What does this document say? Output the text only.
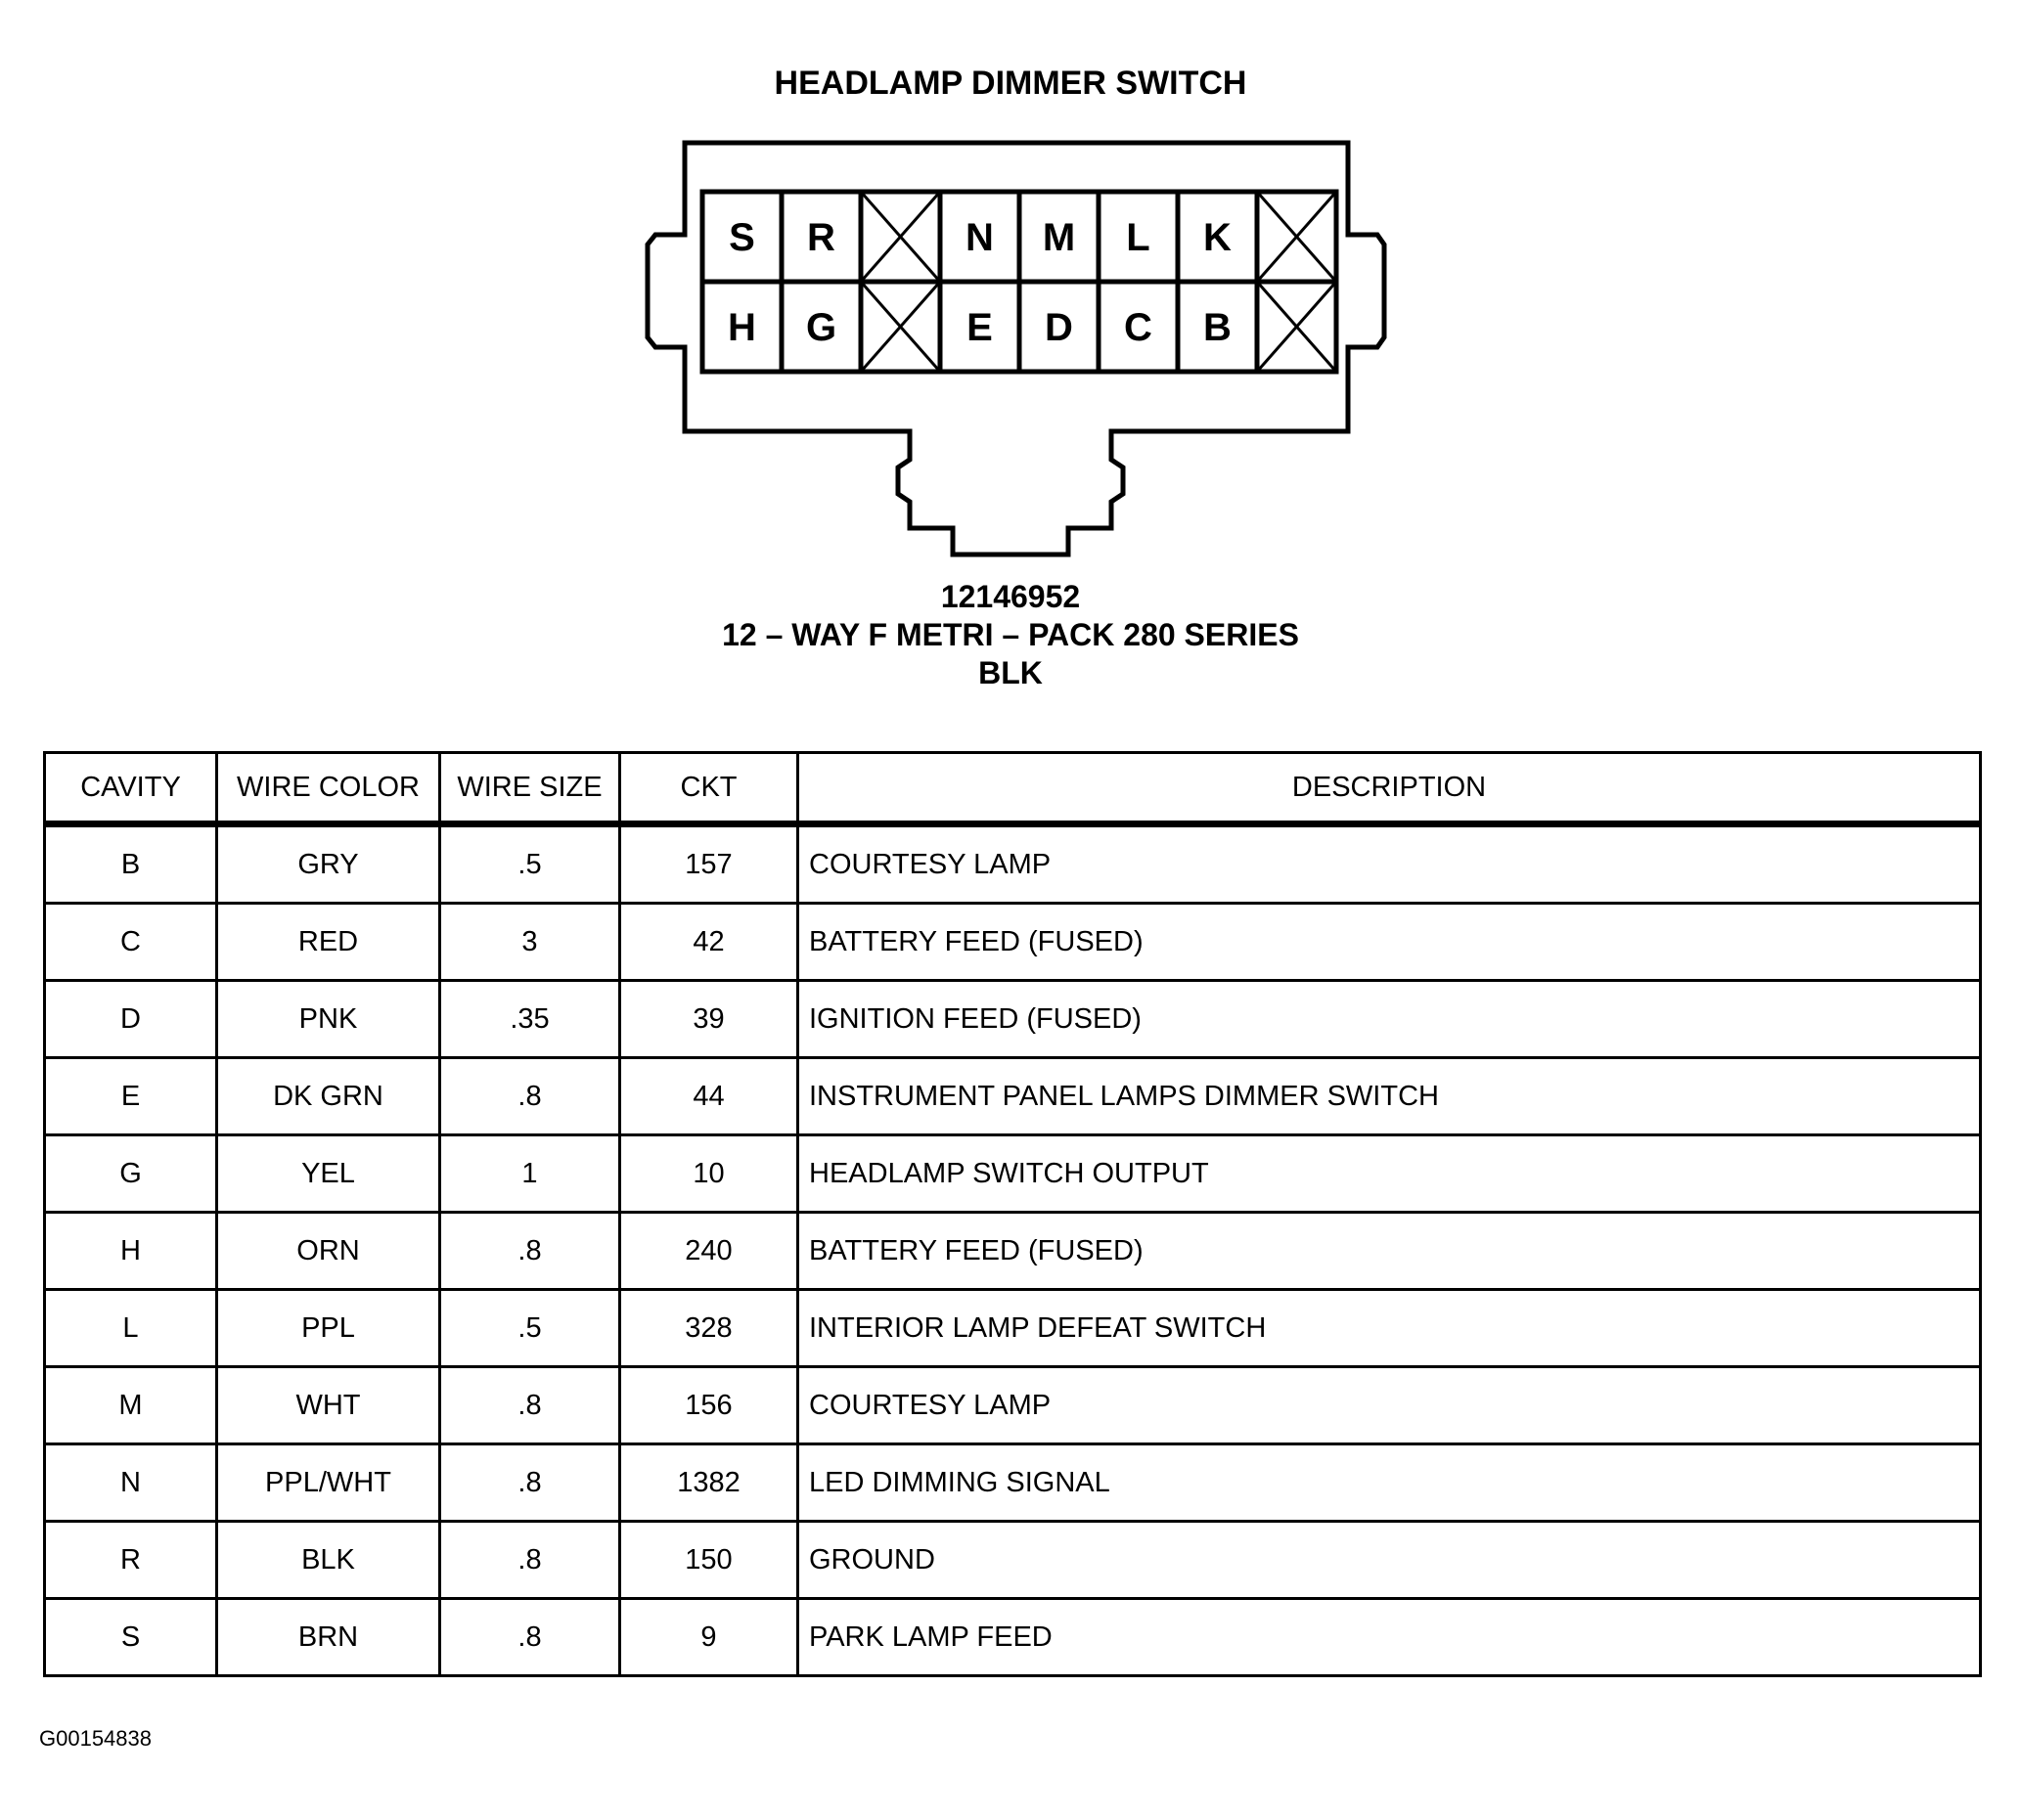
HEADLAMP DIMMER SWITCH
S R	N M L K
H G	E D C B
12146952
12 – WAY F METRI – PACK 280 SERIES
BLK
CAVITY	WIRE COLOR	WIRE SIZE	CKT	DESCRIPTION
B	GRY	.5	157	COURTESY LAMP
C	RED	3	42	BATTERY FEED (FUSED)
D	PNK	.35	39	IGNITION FEED (FUSED)
E	DK GRN	.8	44	INSTRUMENT PANEL LAMPS DIMMER SWITCH
G	YEL	1	10	HEADLAMP SWITCH OUTPUT
H	ORN	.8	240	BATTERY FEED (FUSED)
L	PPL	.5	328	INTERIOR LAMP DEFEAT SWITCH
M	WHT	.8	156	COURTESY LAMP
N	PPL/WHT	.8	1382	LED DIMMING SIGNAL
R	BLK	.8	150	GROUND
S	BRN	.8	9	PARK LAMP FEED
G00154838
